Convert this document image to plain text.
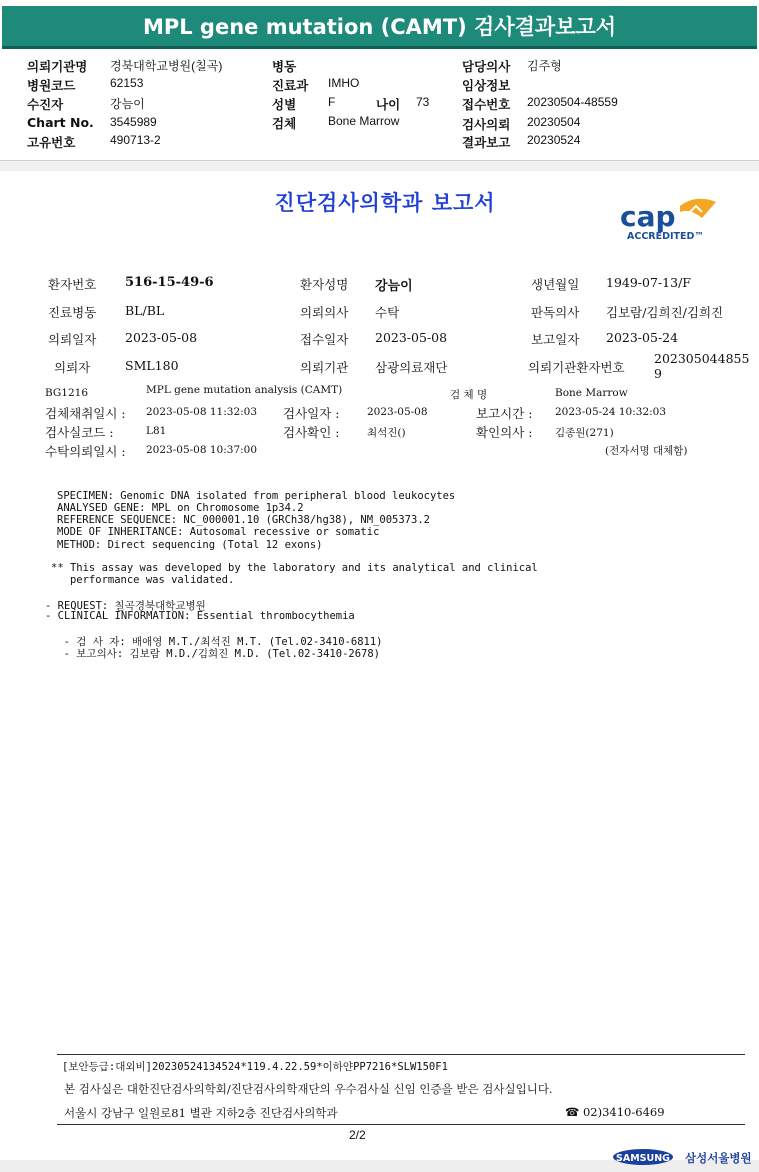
MPL gene mutation (CAMT) 검사결과보고서
의뢰기관명 경북대학교병원(칠곡)	병동	담당의사 김주형
병원코드	62153	진료과 IMHO	임상정보
수진자	강늠이	성별	F	나이 73	접수번호 20230504-48559
Chart No. 3545989	검체	Bone Marrow	검사의뢰 20230504
고유번호	490713-2	결과보고 20230524
진단검사의학과 보고서	cap
ACCREDITED™
환자번호 516-15-49-6	환자성명 강늠이	생년월일 1949-07-13/F
진료병동 BL/BL	의뢰의사 수탁	판독의사 김보람/김희진/김희진
의뢰일자 2023-05-08	접수일자 2023-05-08	보고일자 2023-05-24
의뢰자	SML180	의뢰기관 삼광의료재단	의뢰기관환자번호
202305044855
9
BG1216	MPL gene mutation analysis (CAMT)	검 체 명	Bone Marrow
검체채취일시 : 2023-05-08 11:32:03 검사일자 :	2023-05-08	보고시간 : 2023-05-24 10:32:03
검사실코드 :	L81	검사확인 :	최석진()	확인의사 : 김종원(271)
수탁의뢰일시 : 2023-05-08 10:37:00	(전자서명 대체함)
SPECIMEN: Genomic DNA isolated from peripheral blood leukocytes
ANALYSED GENE: MPL on Chromosome 1p34.2
REFERENCE SEQUENCE: NC_000001.10 (GRCh38/hg38), NM_005373.2
MODE OF INHERITANCE: Autosomal recessive or somatic
METHOD: Direct sequencing (Total 12 exons)
** This assay was developed by the laboratory and its analytical and clinical
performance was validated.
- REQUEST: 칠곡경북대학교병원
- CLINICAL INFORMATION: Essential thrombocythemia
- 검 사 자: 배애영 M.T./최석진 M.T. (Tel.02-3410-6811)
- 보고의사: 김보람 M.D./김희진 M.D. (Tel.02-3410-2678)
[보안등급:대외비]20230524134524*119.4.22.59*이하얀PP7216*SLW150F1
본 검사실은 대한진단검사의학회/진단검사의학재단의 우수검사실 신임 인증을 받은 검사실입니다.
서울시 강남구 일원로81 별관 지하2층 진단검사의학과	☎ 02)3410-6469
2/2
SAMSUNG 삼성서울병원
